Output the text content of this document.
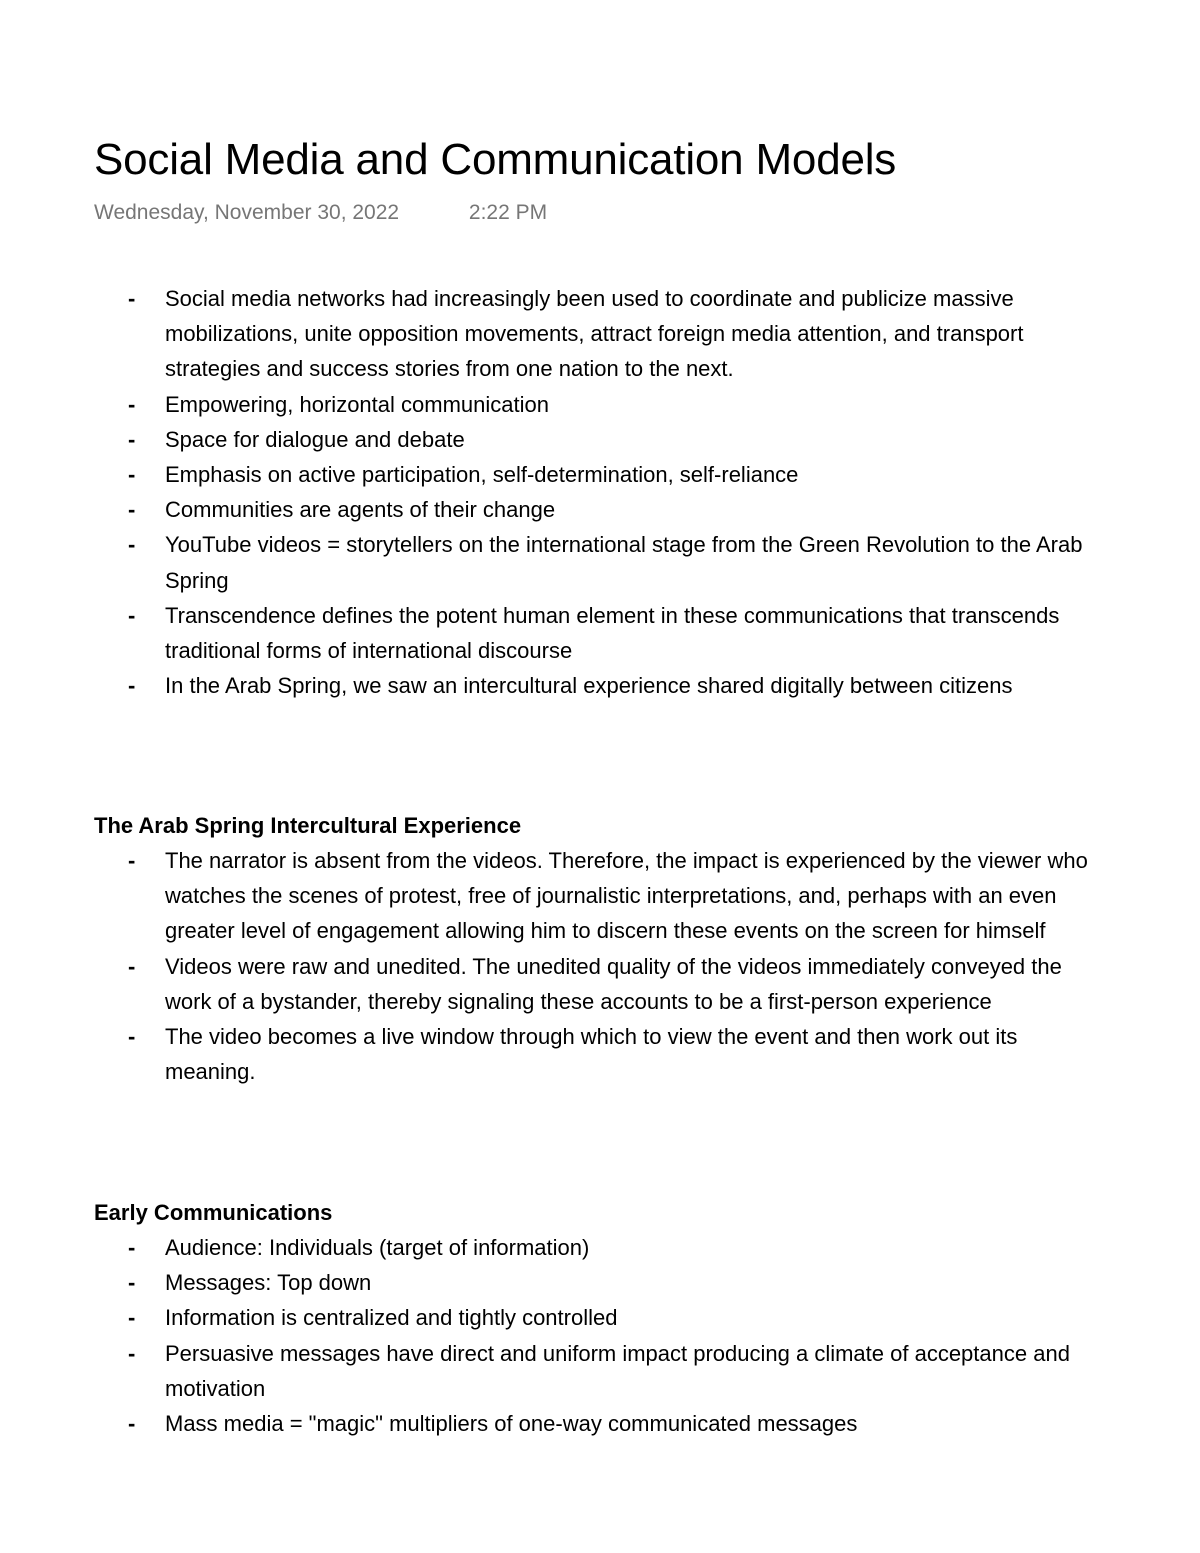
Social Media and Communication Models
Wednesday, November 30, 2022	2:22 PM
- Social media networks had increasingly been used to coordinate and publicize massive mobilizations, unite opposition movements, attract foreign media attention, and transport strategies and success stories from one nation to the next.
- Empowering, horizontal communication
- Space for dialogue and debate
- Emphasis on active participation, self-determination, self-reliance
- Communities are agents of their change
- YouTube videos = storytellers on the international stage from the Green Revolution to the Arab Spring
- Transcendence defines the potent human element in these communications that transcends traditional forms of international discourse
- In the Arab Spring, we saw an intercultural experience shared digitally between citizens
The Arab Spring Intercultural Experience
- The narrator is absent from the videos. Therefore, the impact is experienced by the viewer who watches the scenes of protest, free of journalistic interpretations, and, perhaps with an even greater level of engagement allowing him to discern these events on the screen for himself
- Videos were raw and unedited. The unedited quality of the videos immediately conveyed the work of a bystander, thereby signaling these accounts to be a first-person experience
- The video becomes a live window through which to view the event and then work out its meaning.
Early Communications
- Audience: Individuals (target of information)
- Messages: Top down
- Information is centralized and tightly controlled
- Persuasive messages have direct and uniform impact producing a climate of acceptance and motivation
- Mass media = "magic" multipliers of one-way communicated messages
